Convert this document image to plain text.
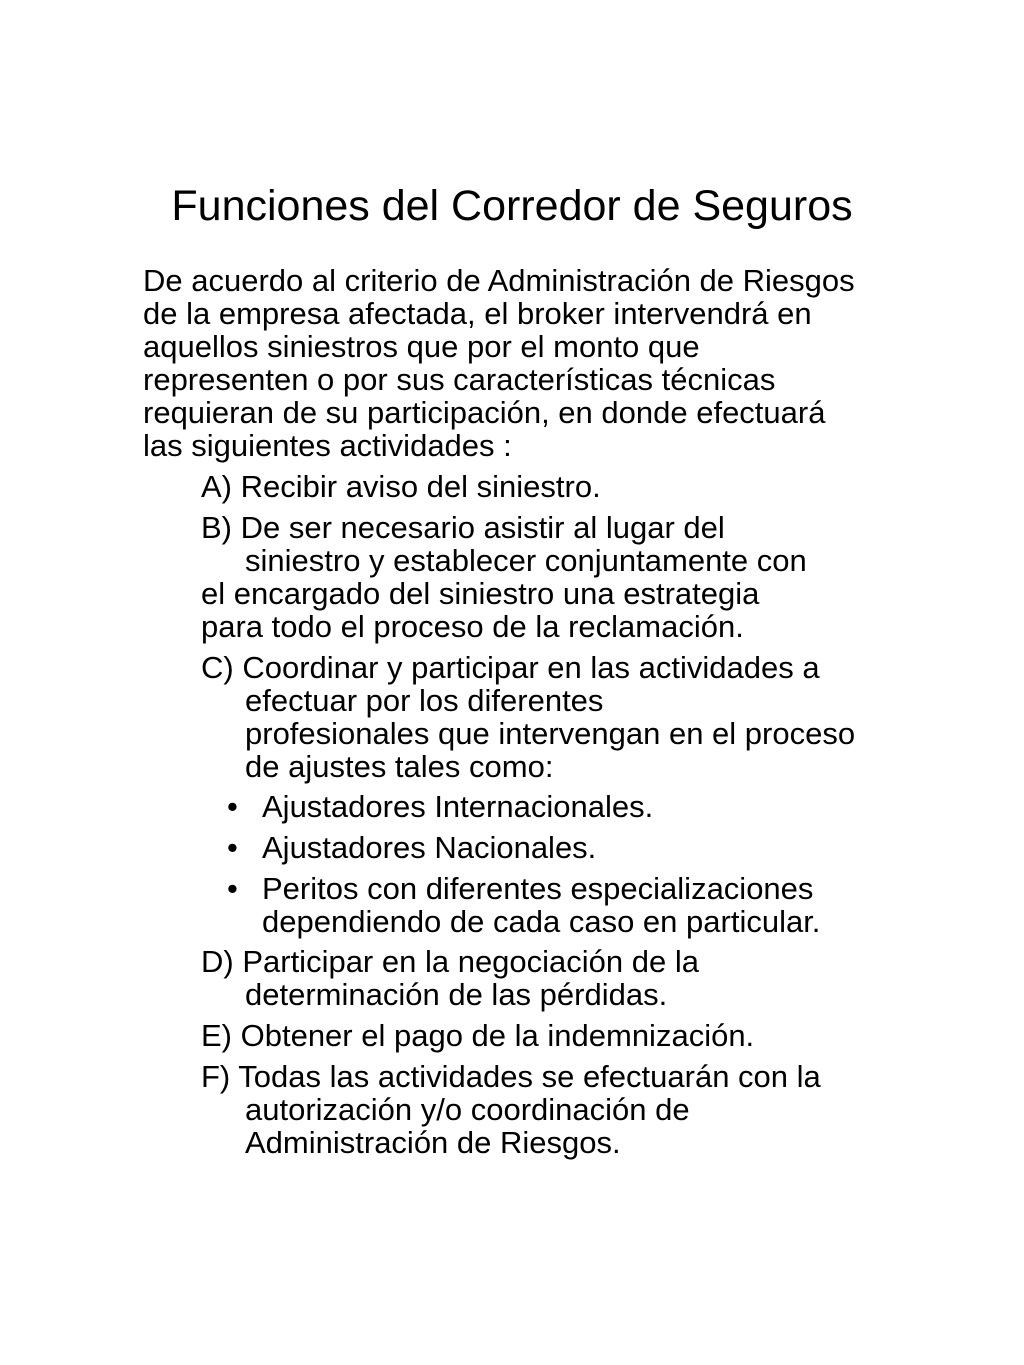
Funciones del Corredor de Seguros
De acuerdo al criterio de Administración de Riesgos
de la empresa afectada, el broker intervendrá en
aquellos siniestros que por el monto que
representen o por sus características técnicas
requieran de su participación, en donde efectuará
las siguientes actividades :
A) Recibir aviso del siniestro.
B) De ser necesario asistir al lugar del
siniestro y establecer conjuntamente con
el encargado del siniestro una estrategia
para todo el proceso de la reclamación.
C) Coordinar y participar en las actividades a
efectuar por los diferentes
profesionales que intervengan en el proceso
de ajustes tales como:
• Ajustadores Internacionales.
• Ajustadores Nacionales.
• Peritos con diferentes especializaciones
dependiendo de cada caso en particular.
D) Participar en la negociación de la
determinación de las pérdidas.
E) Obtener el pago de la indemnización.
F) Todas las actividades se efectuarán con la
autorización y/o coordinación de
Administración de Riesgos.
